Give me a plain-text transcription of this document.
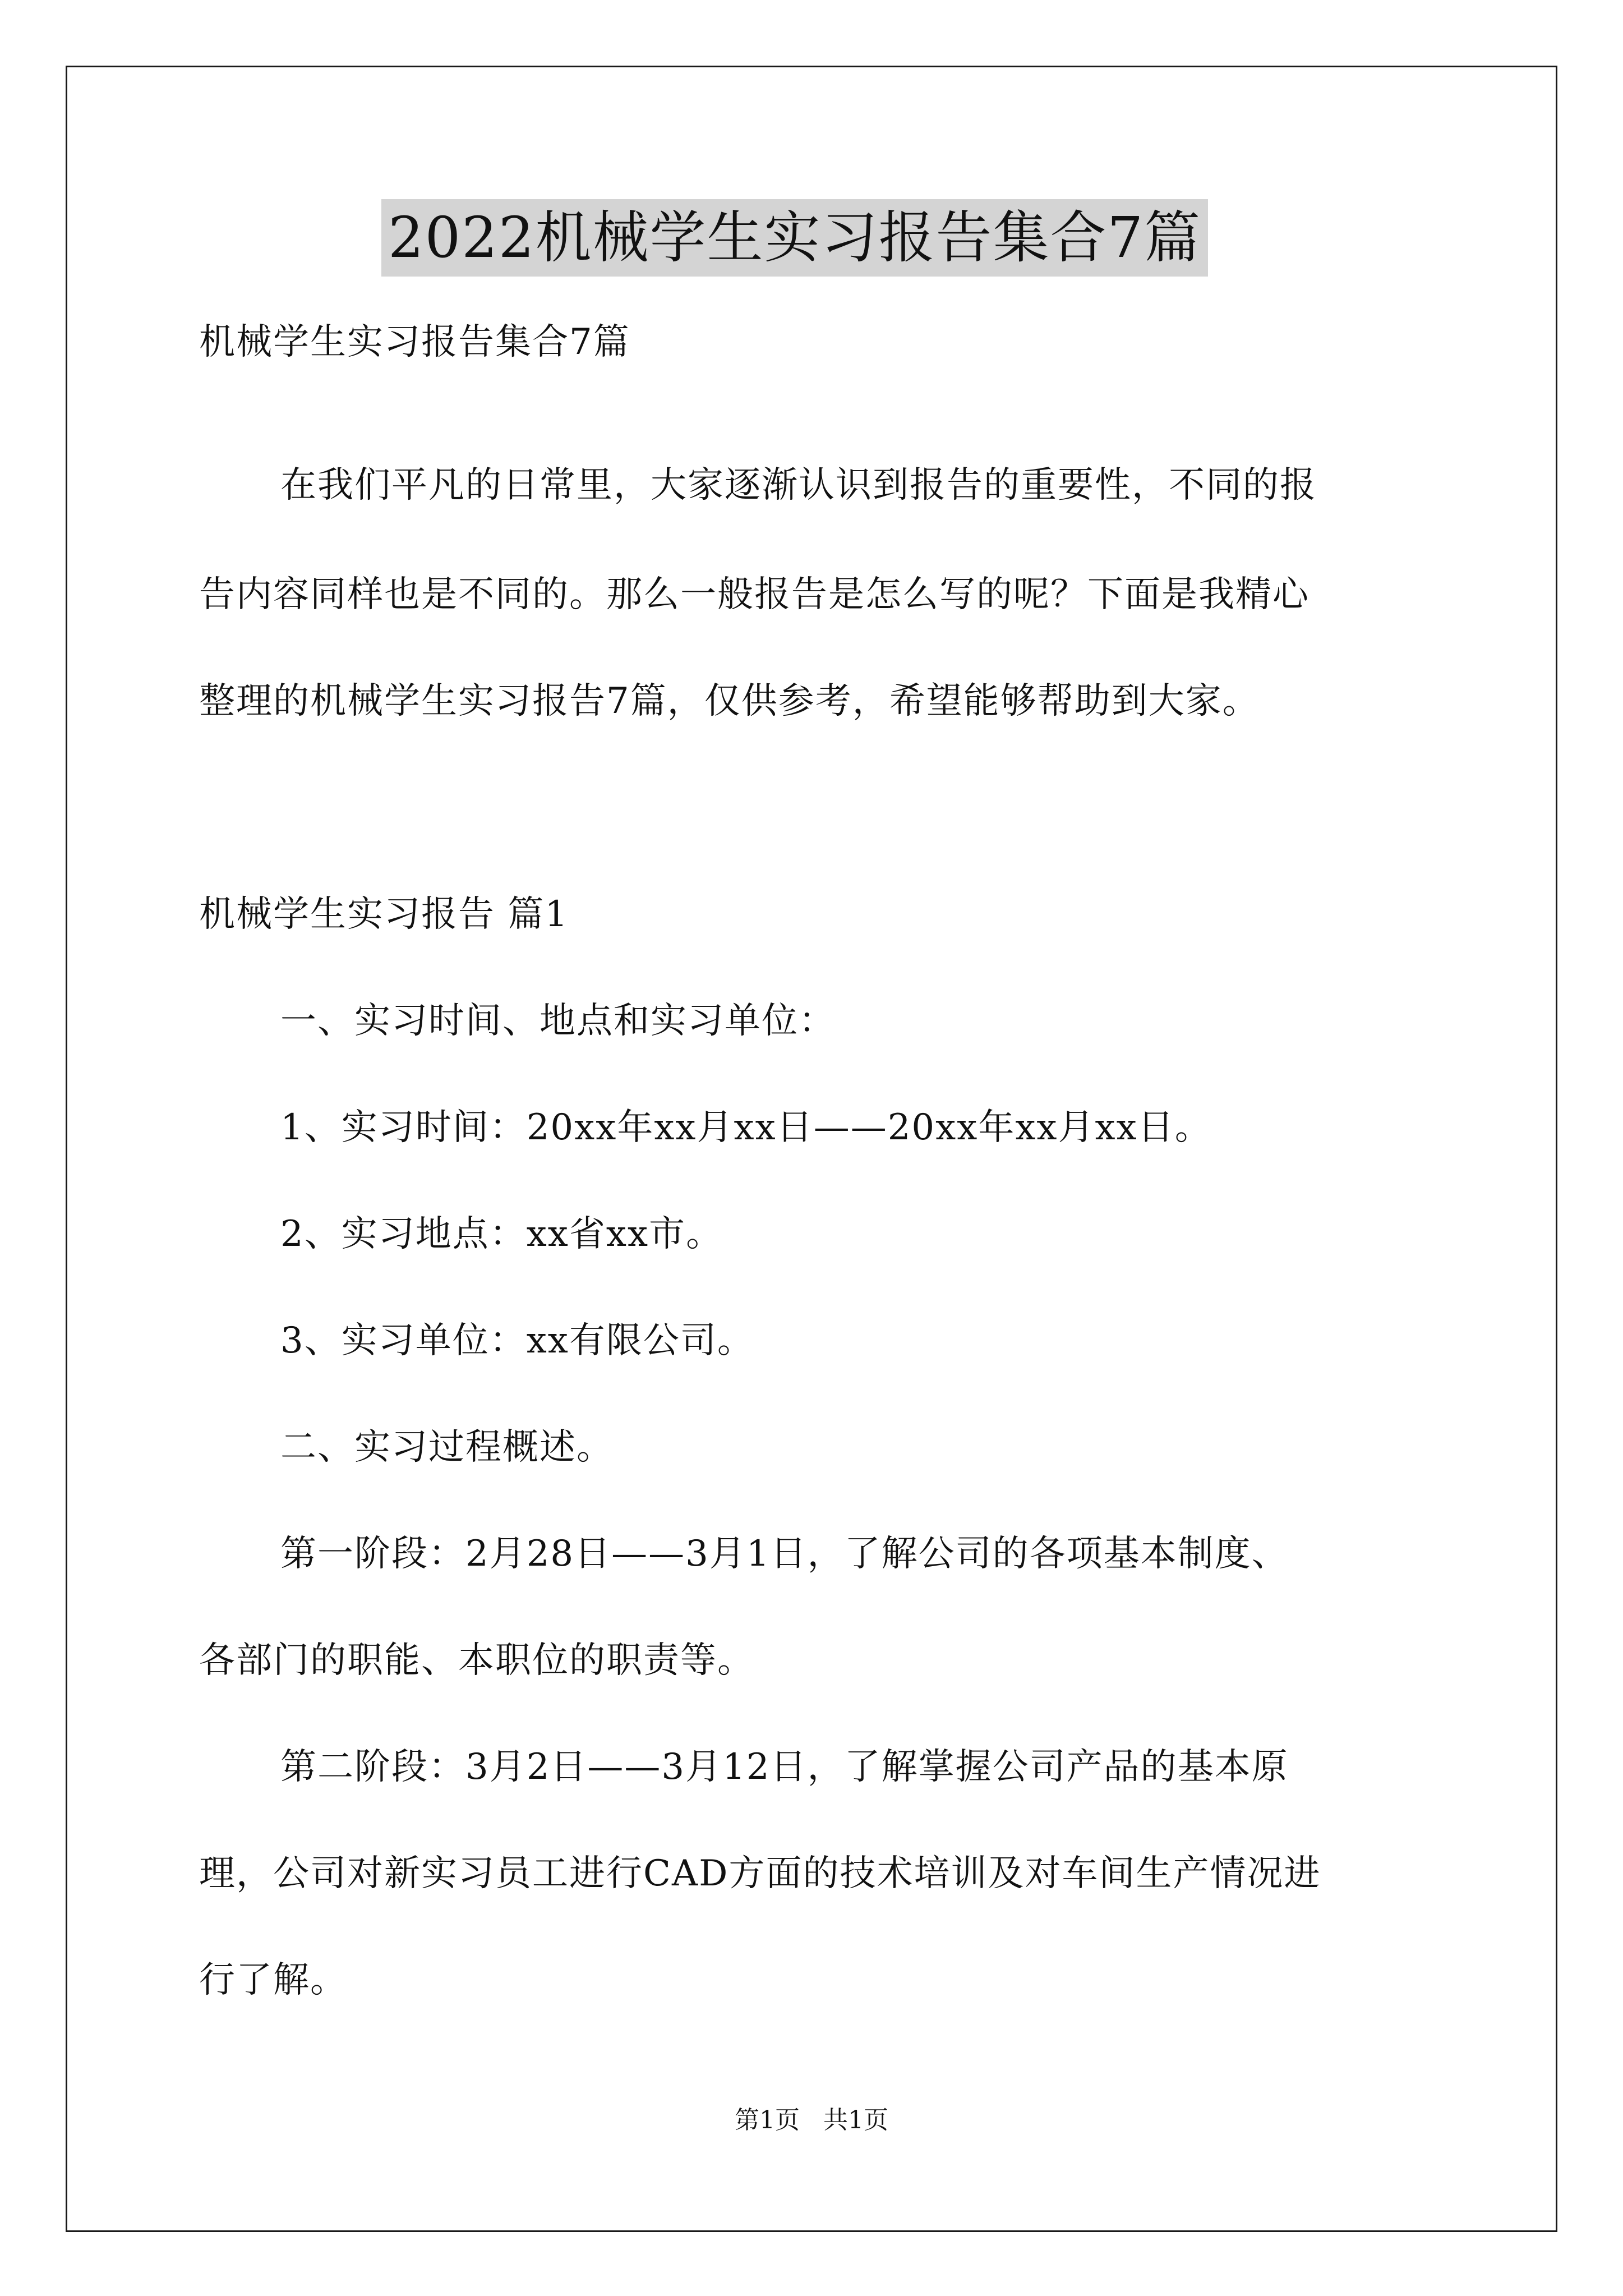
2022机械学生实习报告集合7篇
机械学生实习报告集合7篇
在我们平凡的日常里，大家逐渐认识到报告的重要性，不同的报
告内容同样也是不同的。那么一般报告是怎么写的呢？下面是我精心
整理的机械学生实习报告7篇，仅供参考，希望能够帮助到大家。
机械学生实习报告 篇1
一、实习时间、地点和实习单位：
1、实习时间：20xx年xx月xx日——20xx年xx月xx日。
2、实习地点：xx省xx市。
3、实习单位：xx有限公司。
二、实习过程概述。
第一阶段：2月28日——3月1日，了解公司的各项基本制度、
各部门的职能、本职位的职责等。
第二阶段：3月2日——3月12日，了解掌握公司产品的基本原
理，公司对新实习员工进行CAD方面的技术培训及对车间生产情况进
行了解。
第1页   共1页
